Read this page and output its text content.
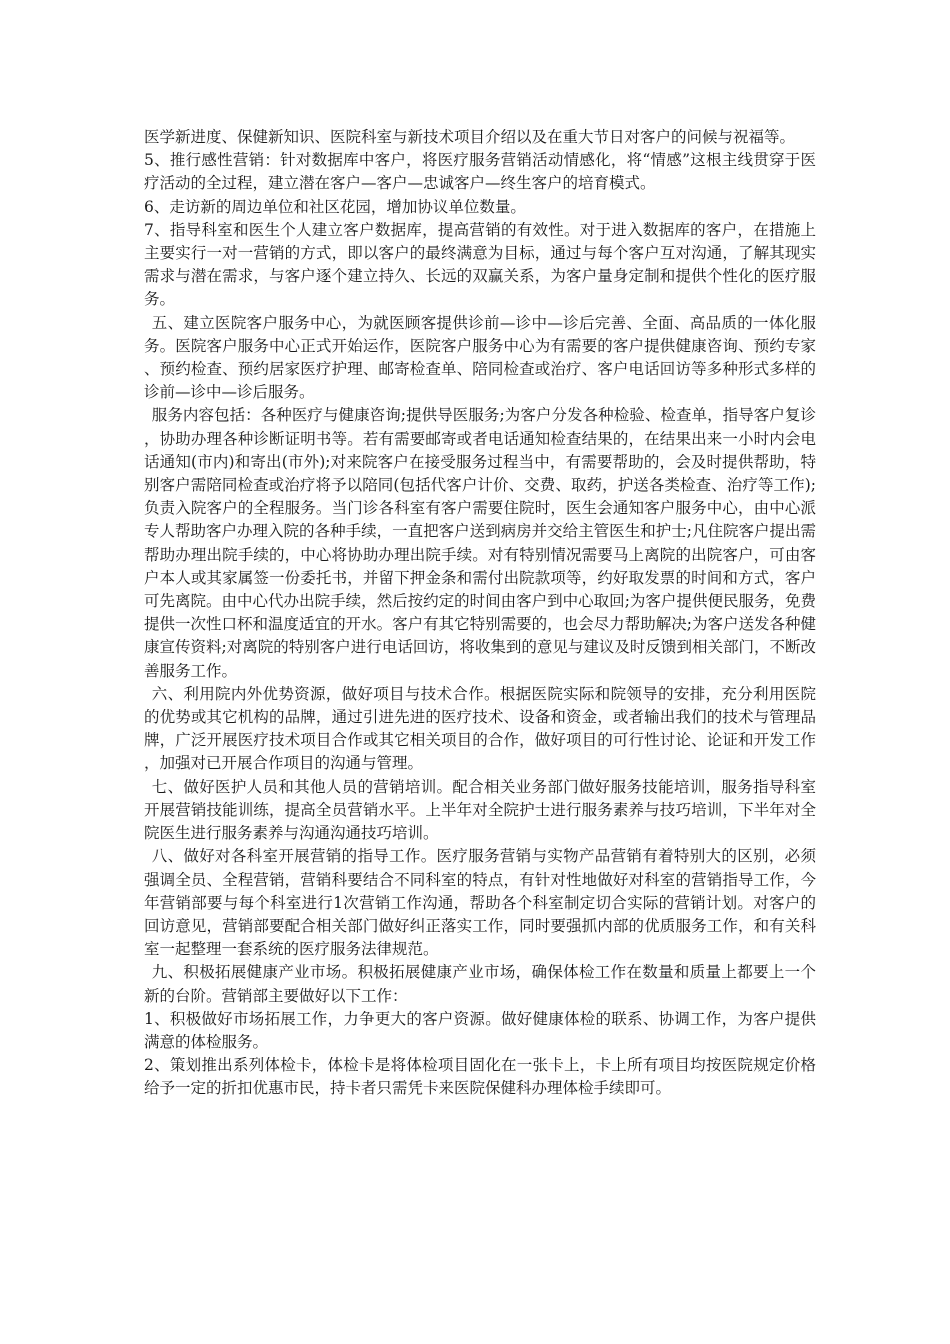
医学新进度、保健新知识、医院科室与新技术项目介绍以及在重大节日对客户的问候与祝福等。

5、推行感性营销：针对数据库中客户，将医疗服务营销活动情感化，将“情感”这根主线贯穿于医疗活动的全过程，建立潜在客户—客户—忠诚客户—终生客户的培育模式。

6、走访新的周边单位和社区花园，增加协议单位数量。

7、指导科室和医生个人建立客户数据库，提高营销的有效性。对于进入数据库的客户，在措施上主要实行一对一营销的方式，即以客户的最终满意为目标，通过与每个客户互对沟通，了解其现实需求与潜在需求，与客户逐个建立持久、长远的双赢关系，为客户量身定制和提供个性化的医疗服务。

五、建立医院客户服务中心，为就医顾客提供诊前—诊中—诊后完善、全面、高品质的一体化服务。医院客户服务中心正式开始运作，医院客户服务中心为有需要的客户提供健康咨询、预约专家、预约检查、预约居家医疗护理、邮寄检查单、陪同检查或治疗、客户电话回访等多种形式多样的诊前—诊中—诊后服务。

服务内容包括：各种医疗与健康咨询;提供导医服务;为客户分发各种检验、检查单，指导客户复诊，协助办理各种诊断证明书等。若有需要邮寄或者电话通知检查结果的，在结果出来一小时内会电话通知(市内)和寄出(市外);对来院客户在接受服务过程当中，有需要帮助的，会及时提供帮助，特别客户需陪同检查或治疗将予以陪同(包括代客户计价、交费、取药，护送各类检查、治疗等工作);负责入院客户的全程服务。当门诊各科室有客户需要住院时，医生会通知客户服务中心，由中心派专人帮助客户办理入院的各种手续，一直把客户送到病房并交给主管医生和护士;凡住院客户提出需帮助办理出院手续的，中心将协助办理出院手续。对有特别情况需要马上离院的出院客户，可由客户本人或其家属签一份委托书，并留下押金条和需付出院款项等，约好取发票的时间和方式，客户可先离院。由中心代办出院手续，然后按约定的时间由客户到中心取回;为客户提供便民服务，免费提供一次性口杯和温度适宜的开水。客户有其它特别需要的，也会尽力帮助解决;为客户送发各种健康宣传资料;对离院的特别客户进行电话回访，将收集到的意见与建议及时反馈到相关部门，不断改善服务工作。

六、利用院内外优势资源，做好项目与技术合作。根据医院实际和院领导的安排，充分利用医院的优势或其它机构的品牌，通过引进先进的医疗技术、设备和资金，或者输出我们的技术与管理品牌，广泛开展医疗技术项目合作或其它相关项目的合作，做好项目的可行性讨论、论证和开发工作，加强对已开展合作项目的沟通与管理。

七、做好医护人员和其他人员的营销培训。配合相关业务部门做好服务技能培训，服务指导科室开展营销技能训练，提高全员营销水平。上半年对全院护士进行服务素养与技巧培训，下半年对全院医生进行服务素养与沟通沟通技巧培训。

八、做好对各科室开展营销的指导工作。医疗服务营销与实物产品营销有着特别大的区别，必须强调全员、全程营销，营销科要结合不同科室的特点，有针对性地做好对科室的营销指导工作，今年营销部要与每个科室进行1次营销工作沟通，帮助各个科室制定切合实际的营销计划。对客户的回访意见，营销部要配合相关部门做好纠正落实工作，同时要强抓内部的优质服务工作，和有关科室一起整理一套系统的医疗服务法律规范。

九、积极拓展健康产业市场。积极拓展健康产业市场，确保体检工作在数量和质量上都要上一个新的台阶。营销部主要做好以下工作：

1、积极做好市场拓展工作，力争更大的客户资源。做好健康体检的联系、协调工作，为客户提供满意的体检服务。

2、策划推出系列体检卡，体检卡是将体检项目固化在一张卡上，卡上所有项目均按医院规定价格给予一定的折扣优惠市民，持卡者只需凭卡来医院保健科办理体检手续即可。
